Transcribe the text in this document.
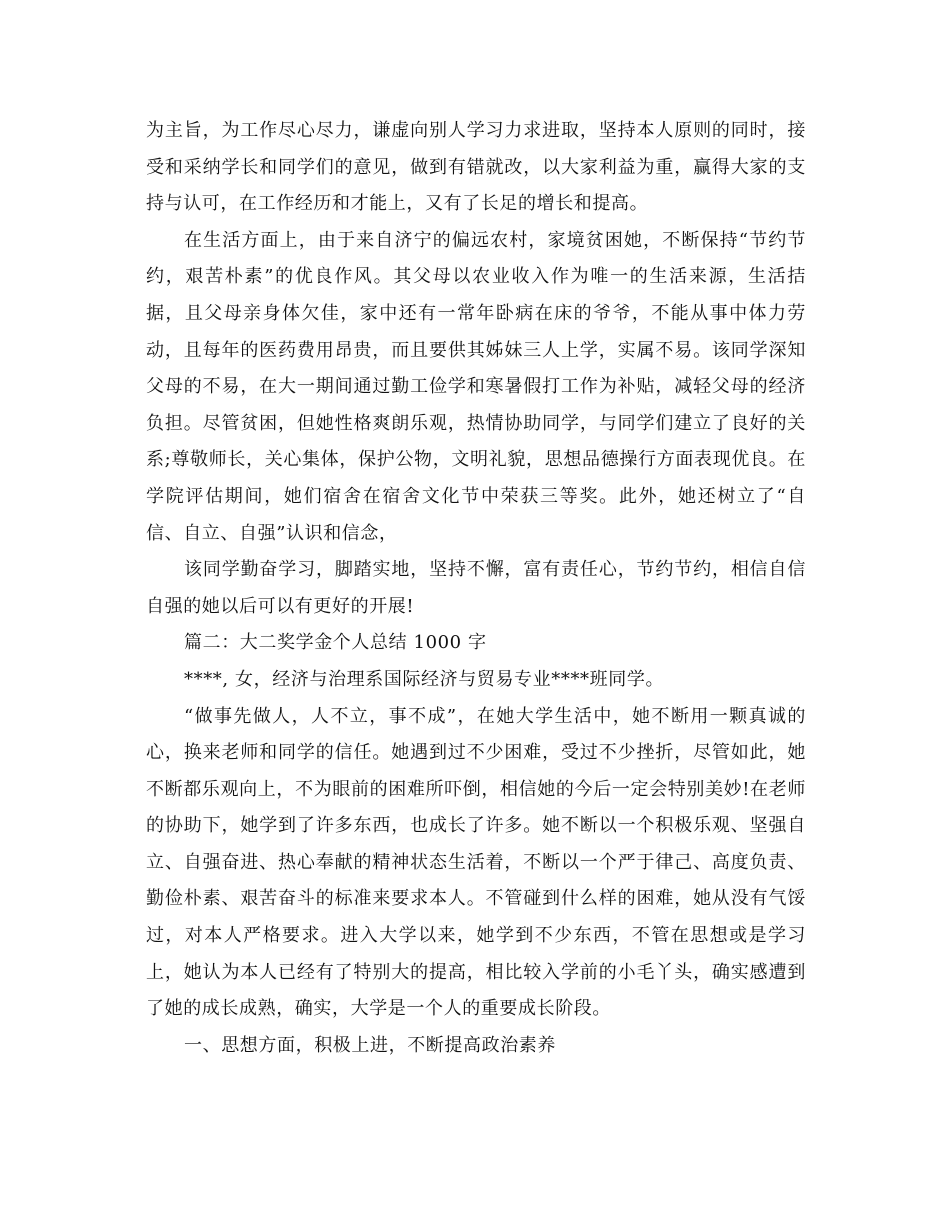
为主旨，为工作尽心尽力，谦虚向别人学习力求进取，坚持本人原则的同时，接受和采纳学长和同学们的意见，做到有错就改，以大家利益为重，赢得大家的支持与认可，在工作经历和才能上，又有了长足的增长和提高。

在生活方面上，由于来自济宁的偏远农村，家境贫困她，不断保持“节约节约，艰苦朴素”的优良作风。其父母以农业收入作为唯一的生活来源，生活拮据，且父母亲身体欠佳，家中还有一常年卧病在床的爷爷，不能从事中体力劳动，且每年的医药费用昂贵，而且要供其姊妹三人上学，实属不易。该同学深知父母的不易，在大一期间通过勤工俭学和寒暑假打工作为补贴，减轻父母的经济负担。尽管贫困，但她性格爽朗乐观，热情协助同学，与同学们建立了良好的关系;尊敬师长，关心集体，保护公物，文明礼貌，思想品德操行方面表现优良。在学院评估期间，她们宿舍在宿舍文化节中荣获三等奖。此外，她还树立了“自信、自立、自强”认识和信念，

该同学勤奋学习，脚踏实地，坚持不懈，富有责任心，节约节约，相信自信自强的她以后可以有更好的开展!

篇二：大二奖学金个人总结 1000 字

****, 女，经济与治理系国际经济与贸易专业****班同学。

“做事先做人，人不立，事不成”，在她大学生活中，她不断用一颗真诚的心，换来老师和同学的信任。她遇到过不少困难，受过不少挫折，尽管如此，她不断都乐观向上，不为眼前的困难所吓倒，相信她的今后一定会特别美妙!在老师的协助下，她学到了许多东西，也成长了许多。她不断以一个积极乐观、坚强自立、自强奋进、热心奉献的精神状态生活着，不断以一个严于律己、高度负责、勤俭朴素、艰苦奋斗的标准来要求本人。不管碰到什么样的困难，她从没有气馁过，对本人严格要求。进入大学以来，她学到不少东西，不管在思想或是学习上，她认为本人已经有了特别大的提高，相比较入学前的小毛丫头，确实感遭到了她的成长成熟，确实，大学是一个人的重要成长阶段。

一、思想方面，积极上进，不断提高政治素养
